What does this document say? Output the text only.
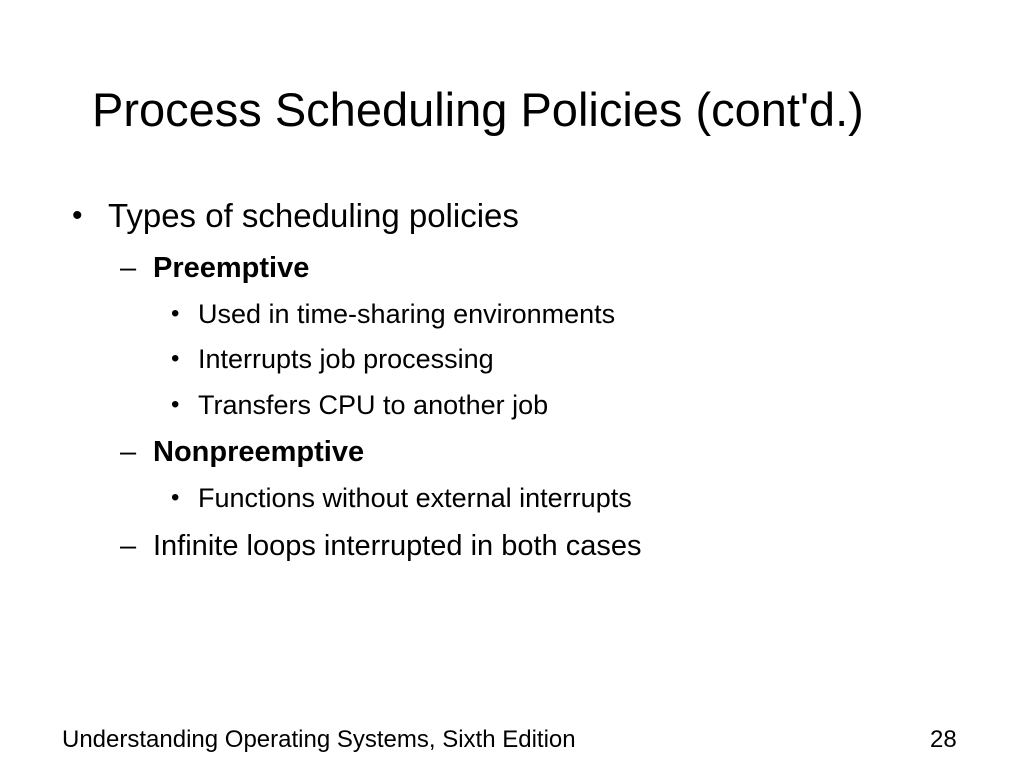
Process Scheduling Policies (cont'd.)
• Types of scheduling policies
– Preemptive
• Used in time-sharing environments
• Interrupts job processing
• Transfers CPU to another job
– Nonpreemptive
• Functions without external interrupts
– Infinite loops interrupted in both cases
Understanding Operating Systems, Sixth Edition	28
